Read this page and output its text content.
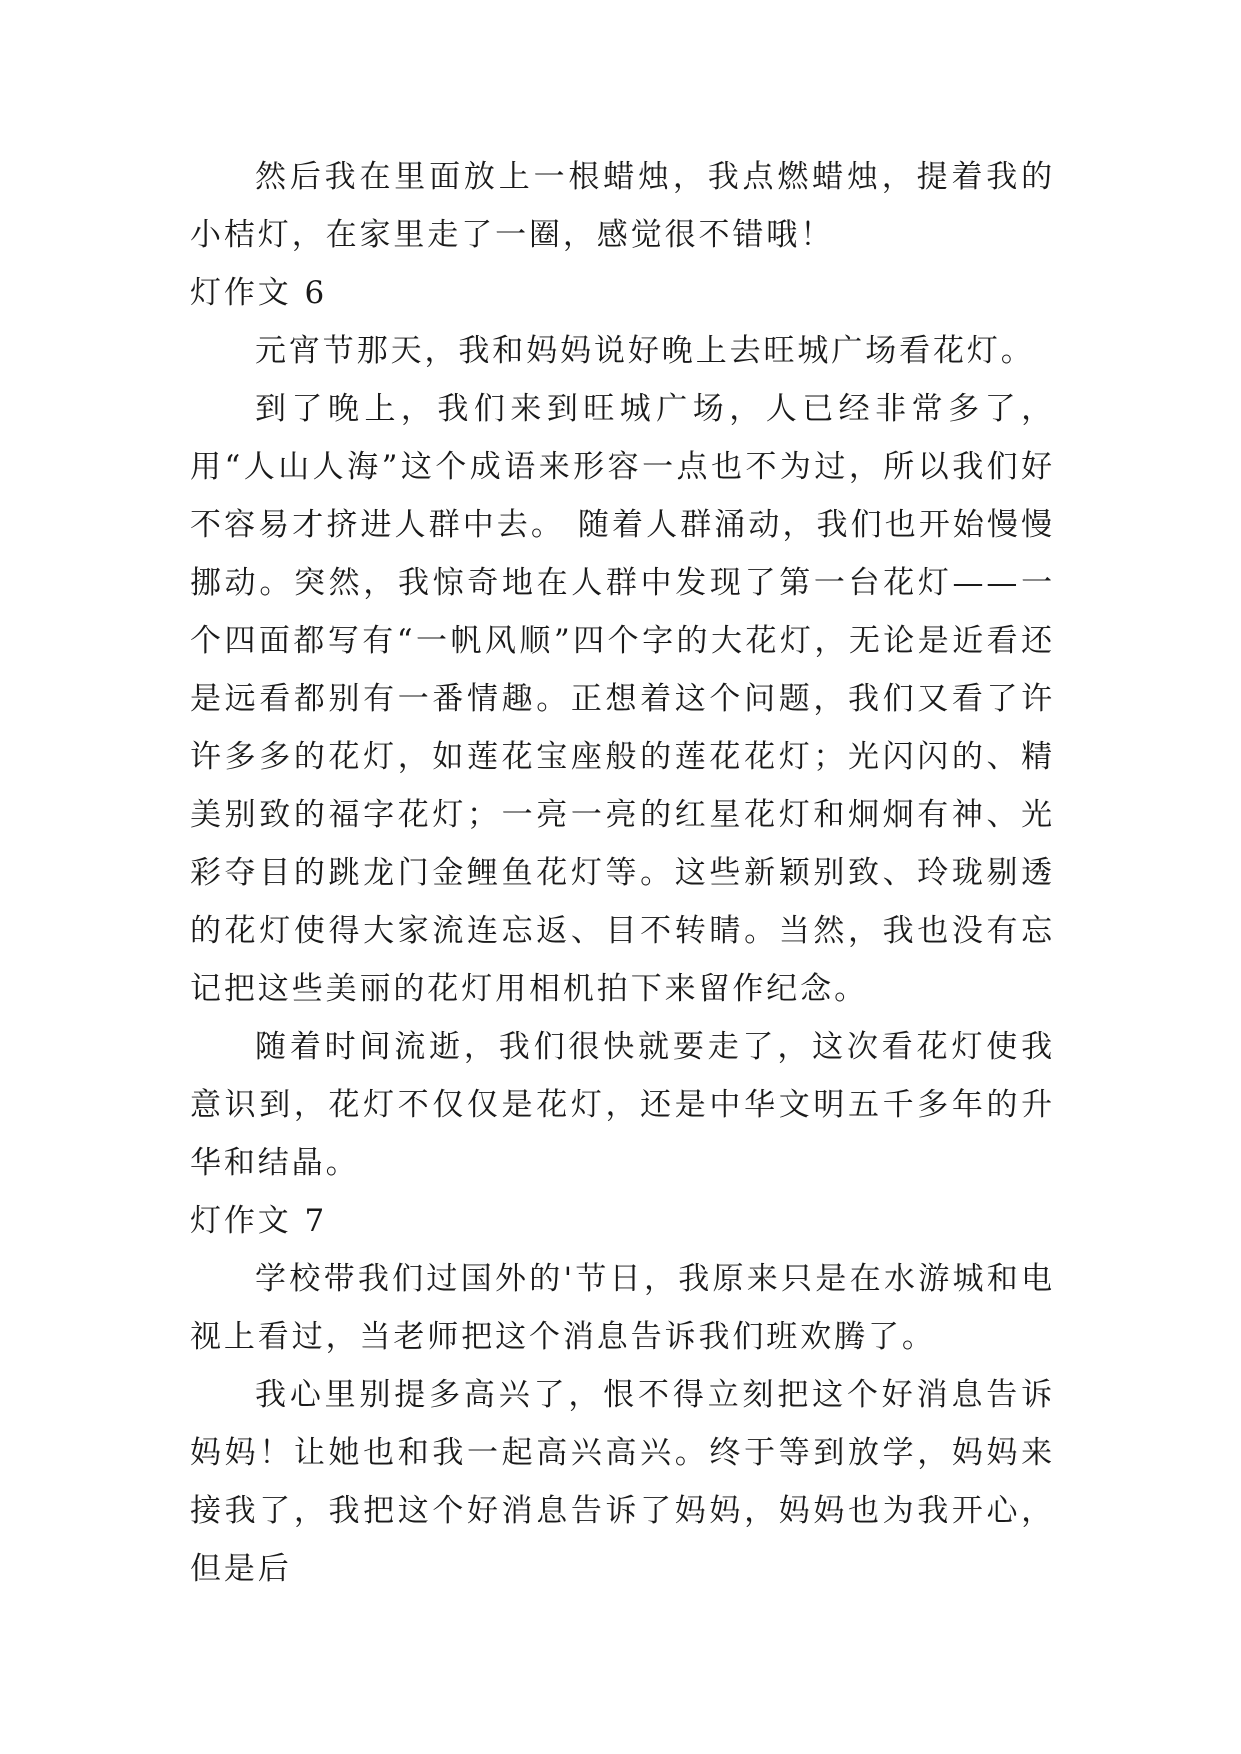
然后我在里面放上一根蜡烛，我点燃蜡烛，提着我的小桔灯，在家里走了一圈，感觉很不错哦！

灯作文 6

元宵节那天，我和妈妈说好晚上去旺城广场看花灯。

到了晚上，我们来到旺城广场，人已经非常多了，用“人山人海”这个成语来形容一点也不为过，所以我们好不容易才挤进人群中去。 随着人群涌动，我们也开始慢慢挪动。突然，我惊奇地在人群中发现了第一台花灯——一个四面都写有“一帆风顺”四个字的大花灯，无论是近看还是远看都别有一番情趣。正想着这个问题，我们又看了许许多多的花灯，如莲花宝座般的莲花花灯；光闪闪的、精美别致的福字花灯；一亮一亮的红星花灯和炯炯有神、光彩夺目的跳龙门金鲤鱼花灯等。这些新颖别致、玲珑剔透的花灯使得大家流连忘返、目不转睛。当然，我也没有忘记把这些美丽的花灯用相机拍下来留作纪念。

随着时间流逝，我们很快就要走了，这次看花灯使我意识到，花灯不仅仅是花灯，还是中华文明五千多年的升华和结晶。

灯作文 7

学校带我们过国外的'节日，我原来只是在水游城和电视上看过，当老师把这个消息告诉我们班欢腾了。

我心里别提多高兴了，恨不得立刻把这个好消息告诉妈妈！让她也和我一起高兴高兴。终于等到放学，妈妈来接我了，我把这个好消息告诉了妈妈，妈妈也为我开心，但是后
